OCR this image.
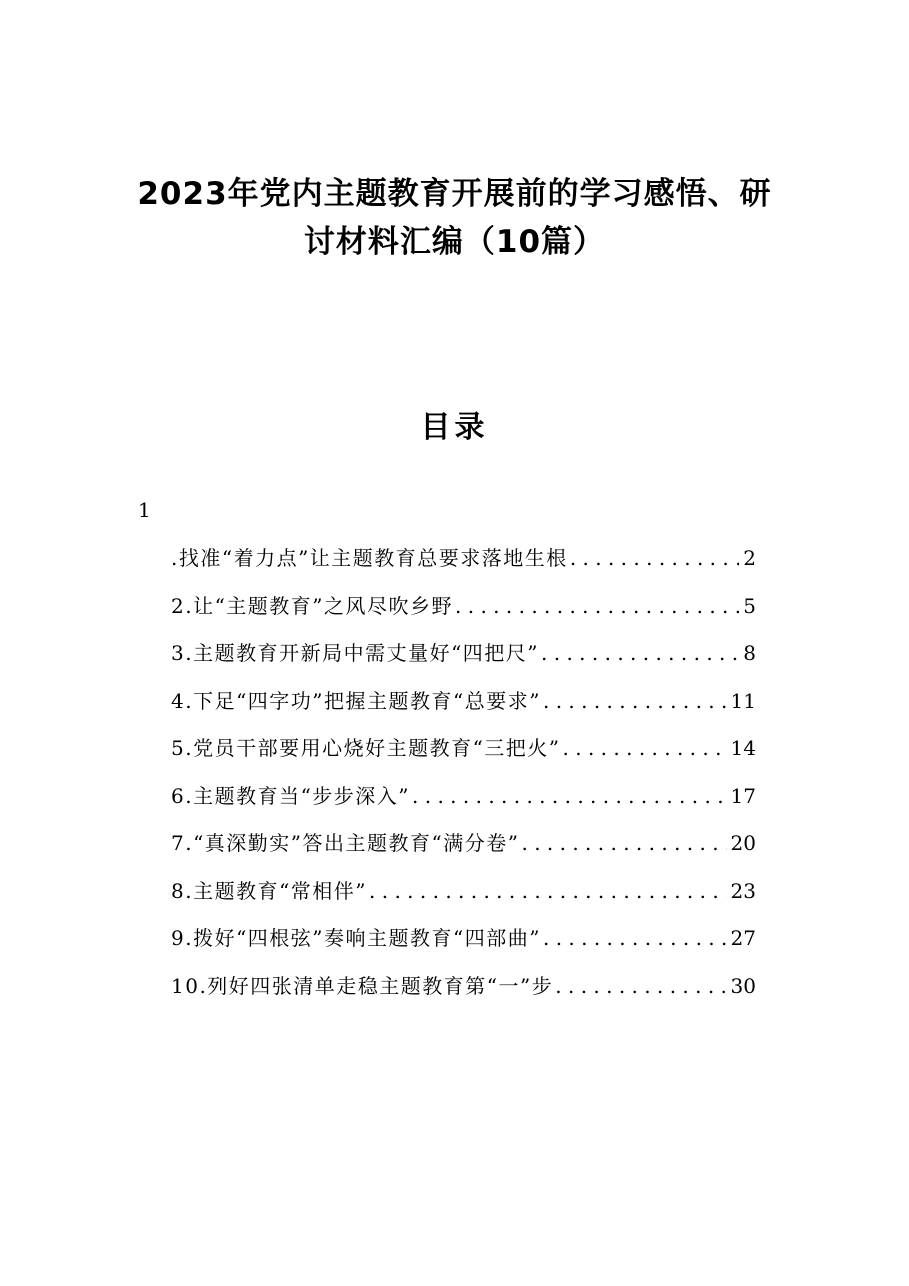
2023年党内主题教育开展前的学习感悟、研
讨材料汇编（10篇）
目录
1
.找准“着力点”让主题教育总要求落地生根 . . .	2
2.让“主题教育”之风尽吹乡野 . . .	5
3.主题教育开新局中需丈量好“四把尺” . . .	8
4.下足“四字功”把握主题教育“总要求” . . .	11
5.党员干部要用心烧好主题教育“三把火” . . .	14
6.主题教育当“步步深入” . . .	17
7.“真深勤实”答出主题教育“满分卷” . . .	20
8.主题教育“常相伴” . . .	23
9.拨好“四根弦”奏响主题教育“四部曲” . . .	27
10.列好四张清单走稳主题教育第“一”步 . . .	30
